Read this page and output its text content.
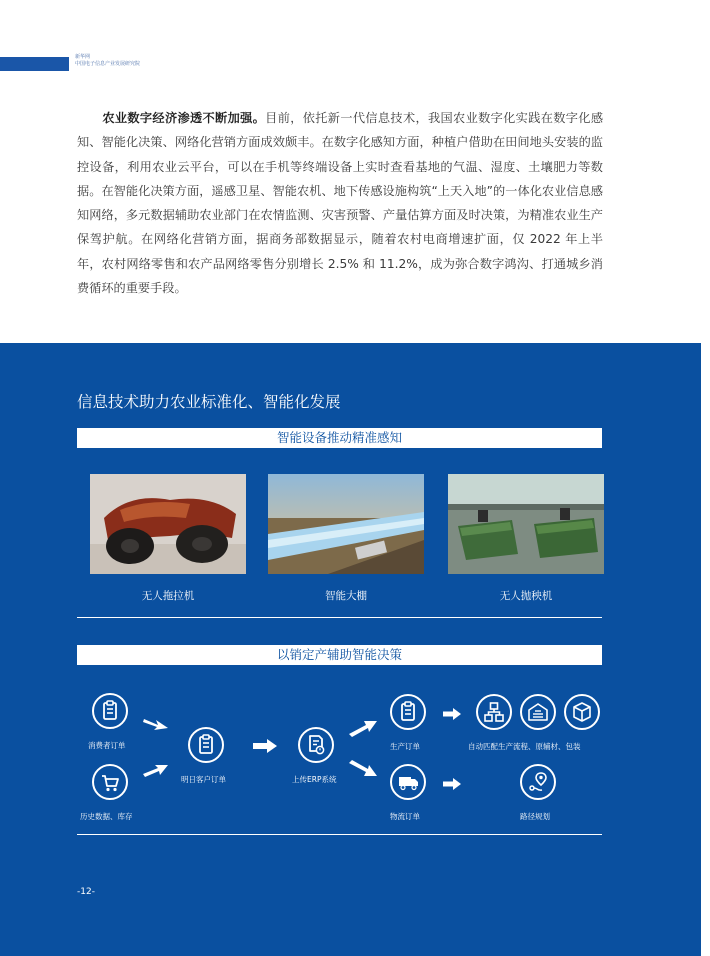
新华网
中国电子信息产业发展研究院

农业数字经济渗透不断加强。目前，依托新一代信息技术，我国农业数字化实践在数字化感知、智能化决策、网络化营销方面成效颇丰。在数字化感知方面，种植户借助在田间地头安装的监控设备，利用农业云平台，可以在手机等终端设备上实时查看基地的气温、湿度、土壤肥力等数据。在智能化决策方面，遥感卫星、智能农机、地下传感设施构筑“上天入地”的一体化农业信息感知网络，多元数据辅助农业部门在农情监测、灾害预警、产量估算方面及时决策，为精准农业生产保驾护航。在网络化营销方面，据商务部数据显示，随着农村电商增速扩面，仅 2022 年上半年，农村网络零售和农产品网络零售分别增长 2.5% 和 11.2%，成为弥合数字鸿沟、打通城乡消费循环的重要手段。

信息技术助力农业标准化、智能化发展
智能设备推动精准感知
无人拖拉机	智能大棚	无人抛秧机
以销定产辅助智能决策
消费者订单
历史数据、库存
明日客户订单	上传ERP系统
生产订单
物流订单
自动匹配生产流程、原辅材、包装
路径规划
-12-
